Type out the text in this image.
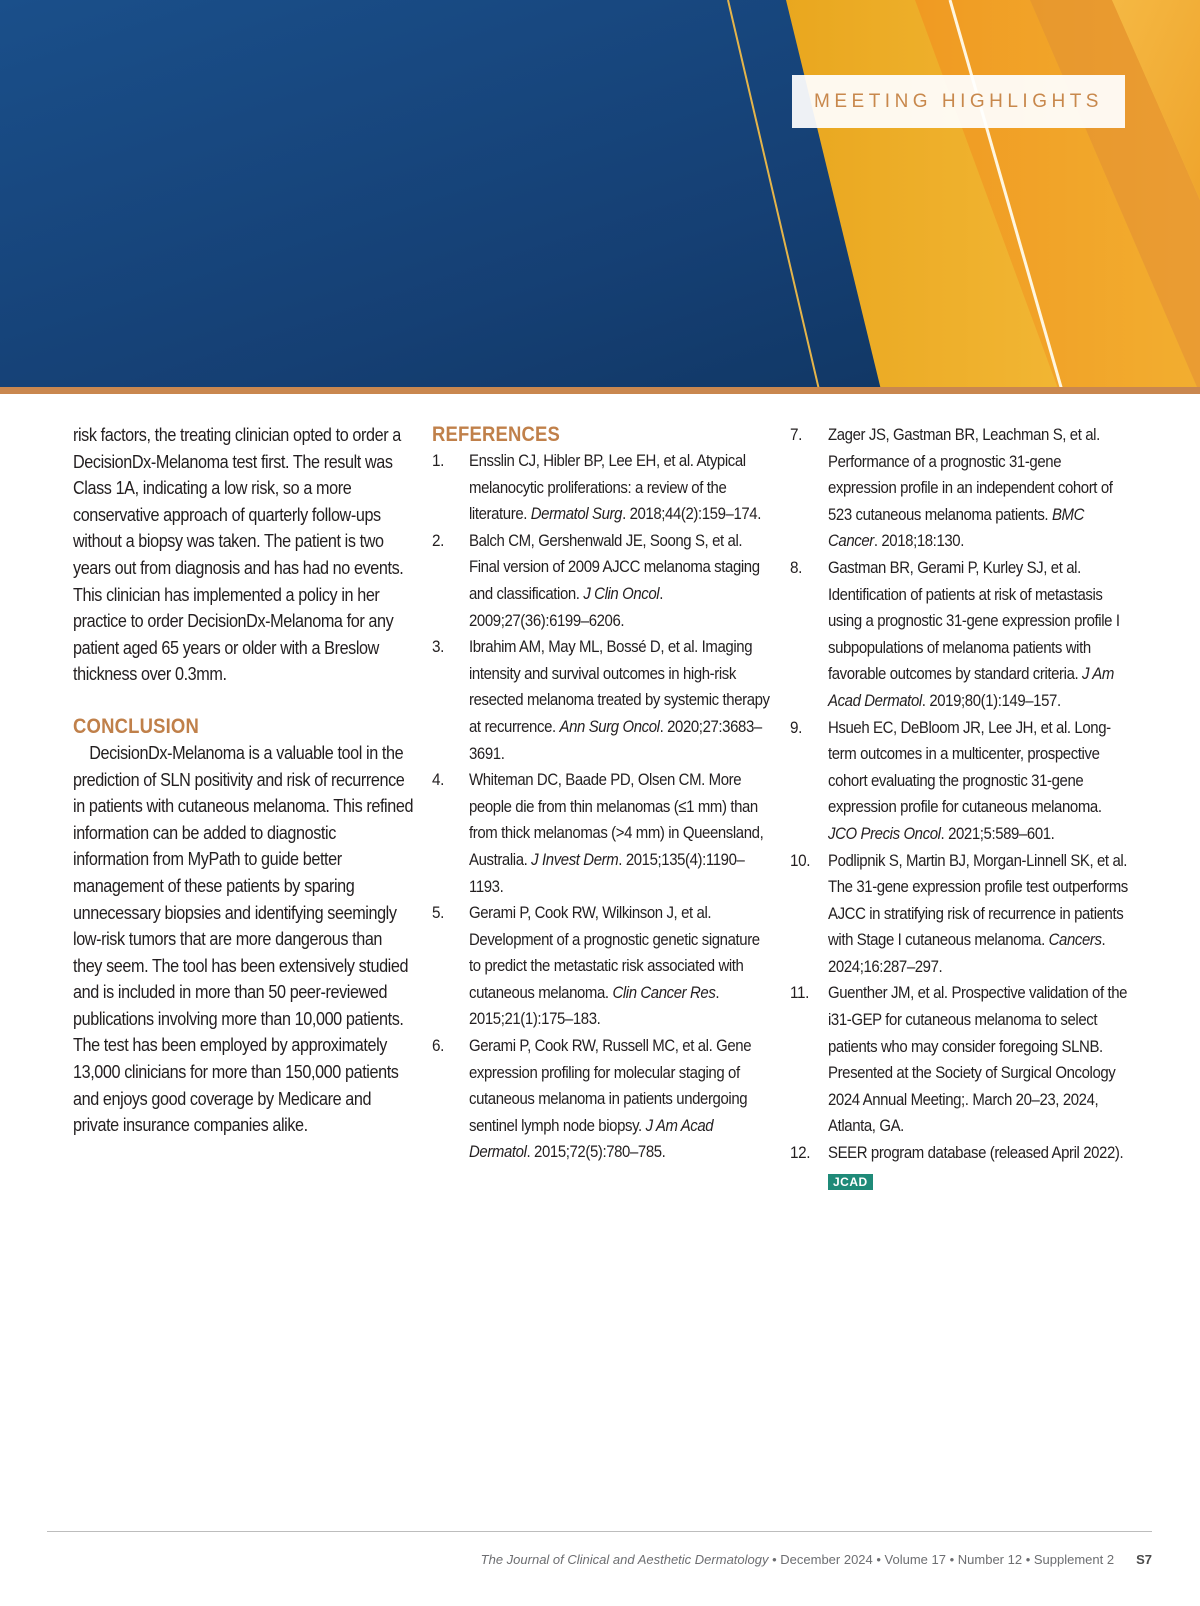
MEETING HIGHLIGHTS

risk factors, the treating clinician opted to order a DecisionDx-Melanoma test first. The result was Class 1A, indicating a low risk, so a more conservative approach of quarterly follow-ups without a biopsy was taken. The patient is two years out from diagnosis and has had no events. This clinician has implemented a policy in her practice to order DecisionDx-Melanoma for any patient aged 65 years or older with a Breslow thickness over 0.3mm.

CONCLUSION

DecisionDx-Melanoma is a valuable tool in the prediction of SLN positivity and risk of recurrence in patients with cutaneous melanoma. This refined information can be added to diagnostic information from MyPath to guide better management of these patients by sparing unnecessary biopsies and identifying seemingly low-risk tumors that are more dangerous than they seem. The tool has been extensively studied and is included in more than 50 peer-reviewed publications involving more than 10,000 patients. The test has been employed by approximately 13,000 clinicians for more than 150,000 patients and enjoys good coverage by Medicare and private insurance companies alike.

REFERENCES
1.	Ensslin CJ, Hibler BP, Lee EH, et al. Atypical melanocytic proliferations: a review of the literature. Dermatol Surg. 2018;44(2):159–174.
2.	Balch CM, Gershenwald JE, Soong S, et al. Final version of 2009 AJCC melanoma staging and classification. J Clin Oncol. 2009;27(36):6199–6206.
3.	Ibrahim AM, May ML, Bossé D, et al. Imaging intensity and survival outcomes in high-risk resected melanoma treated by systemic therapy at recurrence. Ann Surg Oncol. 2020;27:3683–3691.
4.	Whiteman DC, Baade PD, Olsen CM. More people die from thin melanomas (≤1 mm) than from thick melanomas (>4 mm) in Queensland, Australia. J Invest Derm. 2015;135(4):1190–1193.
5.	Gerami P, Cook RW, Wilkinson J, et al. Development of a prognostic genetic signature to predict the metastatic risk associated with cutaneous melanoma. Clin Cancer Res. 2015;21(1):175–183.
6.	Gerami P, Cook RW, Russell MC, et al. Gene expression profiling for molecular staging of cutaneous melanoma in patients undergoing sentinel lymph node biopsy. J Am Acad Dermatol. 2015;72(5):780–785.
7.	Zager JS, Gastman BR, Leachman S, et al. Performance of a prognostic 31-gene expression profile in an independent cohort of 523 cutaneous melanoma patients. BMC Cancer. 2018;18:130.
8.	Gastman BR, Gerami P, Kurley SJ, et al. Identification of patients at risk of metastasis using a prognostic 31-gene expression profile I subpopulations of melanoma patients with favorable outcomes by standard criteria. J Am Acad Dermatol. 2019;80(1):149–157.
9.	Hsueh EC, DeBloom JR, Lee JH, et al. Long-term outcomes in a multicenter, prospective cohort evaluating the prognostic 31-gene expression profile for cutaneous melanoma. JCO Precis Oncol. 2021;5:589–601.
10. Podlipnik S, Martin BJ, Morgan-Linnell SK, et al. The 31-gene expression profile test outperforms AJCC in stratifying risk of recurrence in patients with Stage I cutaneous melanoma. Cancers. 2024;16:287–297.
11.	Guenther JM, et al. Prospective validation of the i31-GEP for cutaneous melanoma to select patients who may consider foregoing SLNB. Presented at the Society of Surgical Oncology 2024 Annual Meeting;. March 20–23, 2024, Atlanta, GA.
12. SEER program database (released April 2022).
JCAD
The Journal of Clinical and Aesthetic Dermatology • December 2024 • Volume 17 • Number 12 • Supplement 2 S7
